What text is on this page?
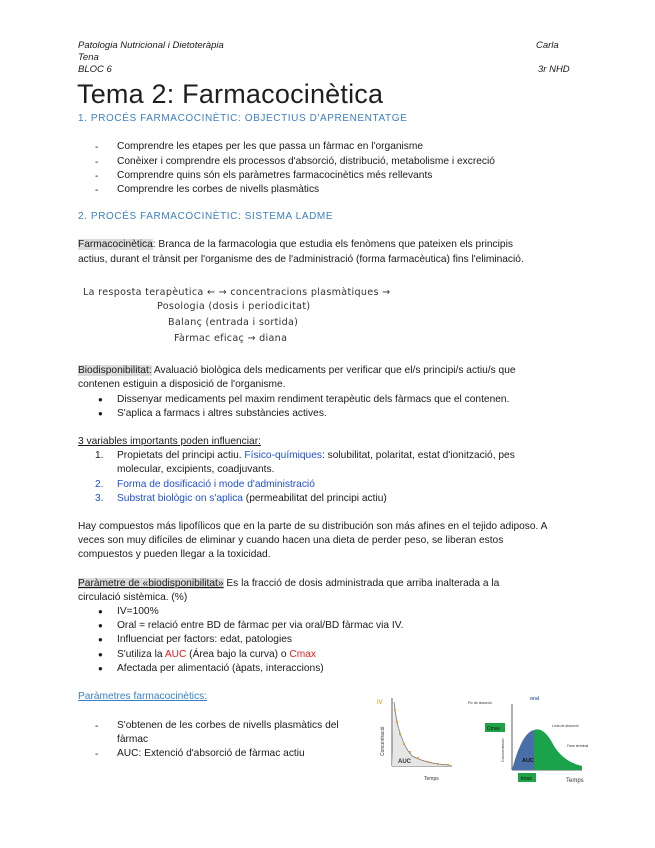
Patologia Nutricional i Dietoteràpia	Carla
Tena
BLOC 6	3r NHD
Tema 2: Farmacocinètica
1. PROCÉS FARMACOCINÈTIC: OBJECTIUS D'APRENENTATGE
- Comprendre les etapes per les que passa un fàrmac en l'organisme
- Conèixer i comprendre els processos d'absorció, distribució, metabolisme i excreció
- Comprendre quins són els paràmetres farmacocinètics més rellevants
- Comprendre les corbes de nivells plasmàtics
2. PROCÉS FARMACOCINÈTIC: SISTEMA LADME
Farmacocinètica: Branca de la farmacologia que estudia els fenòmens que pateixen els principis
actius, durant el trànsit per l'organisme des de l'administració (forma farmacèutica) fins l'eliminació.
La resposta terapèutica ← → concentracions plasmàtiques →
Posologia (dosis i periodicitat)
Balanç (entrada i sortida)
Fàrmac eficaç → diana
Biodisponibilitat: Avaluació biològica dels medicaments per verificar que el/s principi/s actiu/s que
contenen estiguin a disposició de l'organisme.
● Dissenyar medicaments pel maxim rendiment terapèutic dels fàrmacs que el contenen.
● S'aplica a farmacs i altres substàncies actives.
3 variables importants poden influenciar:
1. Propietats del principi actiu. Físico-químiques: solubilitat, polaritat, estat d'ionització, pes
molecular, excipients, coadjuvants.
2. Forma de dosificació i mode d'administració
3. Substrat biològic on s'aplica (permeabilitat del principi actiu)
Hay compuestos más lipofílicos que en la parte de su distribución son más afines en el tejido adiposo. A
veces son muy difíciles de eliminar y cuando hacen una dieta de perder peso, se liberan estos
compuestos y pueden llegar a la toxicidad.
Paràmetre de «biodisponibilitat» Es la fracció de dosis administrada que arriba inalterada a la
circulació sistèmica. (%)
● IV=100%
● Oral = relació entre BD de fàrmac per via oral/BD fàrmac via IV.
● Influenciat per factors: edat, patologies
● S'utiliza la AUC (Área bajo la curva) o Cmax
● Afectada per alimentació (àpats, interaccions)
Paràmetres farmacocinètics:
- S'obtenen de les corbes de nivells plasmàtics del
fàrmac
- AUC: Extenció d'absorció de fàrmac actiu
IV
AUC
Concentració
Temps
oral
AUC
Cmax
tmax
Pic de absorció
Línia de absorció
Fase terminal
Concentració
Temps
